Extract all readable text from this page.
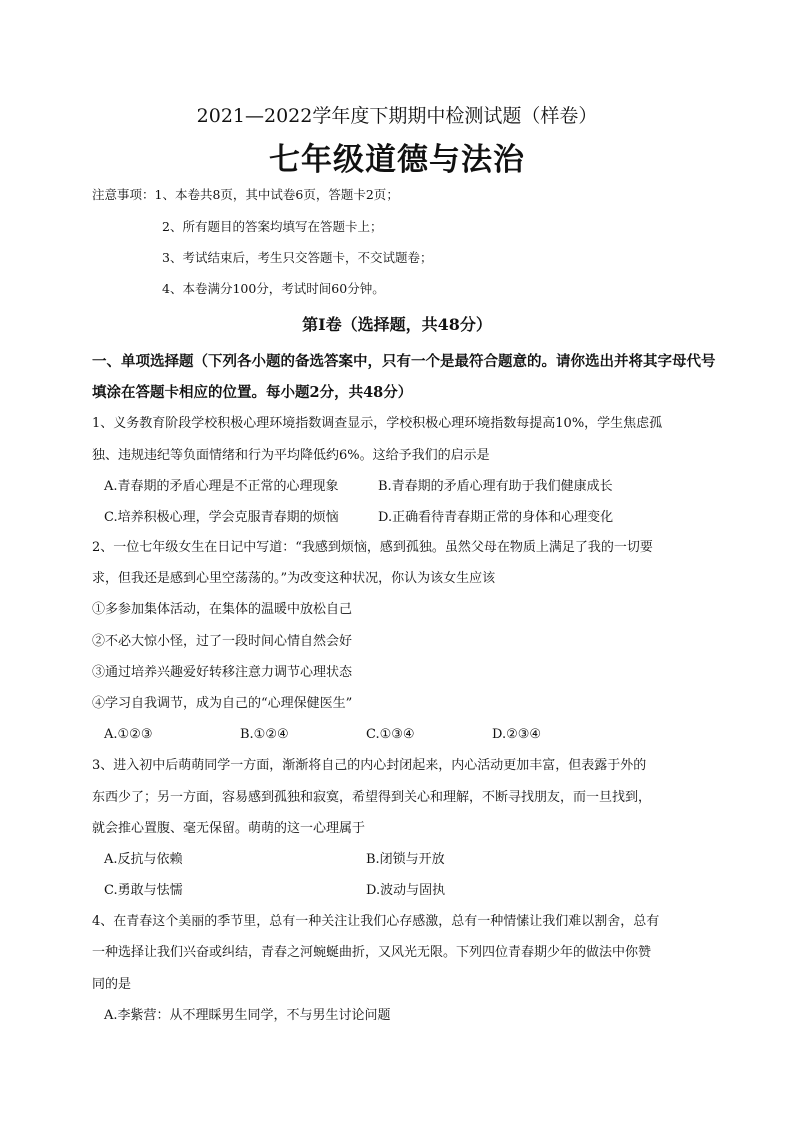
2021—2022学年度下期期中检测试题（样卷）
七年级道德与法治
注意事项：1、本卷共8页，其中试卷6页，答题卡2页；
2、所有题目的答案均填写在答题卡上；
3、考试结束后，考生只交答题卡，不交试题卷；
4、本卷满分100分，考试时间60分钟。
第Ⅰ卷（选择题，共48分）
一、单项选择题（下列各小题的备选答案中，只有一个是最符合题意的。请你选出并将其字母代号
填涂在答题卡相应的位置。每小题2分，共48分）
1、义务教育阶段学校积极心理环境指数调查显示，学校积极心理环境指数每提高10%，学生焦虑孤
独、违规违纪等负面情绪和行为平均降低约6%。这给予我们的启示是
A.青春期的矛盾心理是不正常的心理现象	B.青春期的矛盾心理有助于我们健康成长
C.培养积极心理，学会克服青春期的烦恼	D.正确看待青春期正常的身体和心理变化
2、一位七年级女生在日记中写道：“我感到烦恼，感到孤独。虽然父母在物质上满足了我的一切要
求，但我还是感到心里空荡荡的。”为改变这种状况，你认为该女生应该
①多参加集体活动，在集体的温暖中放松自己
②不必大惊小怪，过了一段时间心情自然会好
③通过培养兴趣爱好转移注意力调节心理状态
④学习自我调节，成为自己的“心理保健医生”
A.①②③	B.①②④	C.①③④	D.②③④
3、进入初中后萌萌同学一方面，渐渐将自己的内心封闭起来，内心活动更加丰富，但表露于外的
东西少了；另一方面，容易感到孤独和寂寞，希望得到关心和理解，不断寻找朋友，而一旦找到，
就会推心置腹、毫无保留。萌萌的这一心理属于
A.反抗与依赖	B.闭锁与开放
C.勇敢与怯懦	D.波动与固执
4、在青春这个美丽的季节里，总有一种关注让我们心存感激，总有一种情愫让我们难以割舍，总有
一种选择让我们兴奋或纠结，青春之河蜿蜒曲折，又风光无限。下列四位青春期少年的做法中你赞
同的是
A.李紫营：从不理睬男生同学，不与男生讨论问题
